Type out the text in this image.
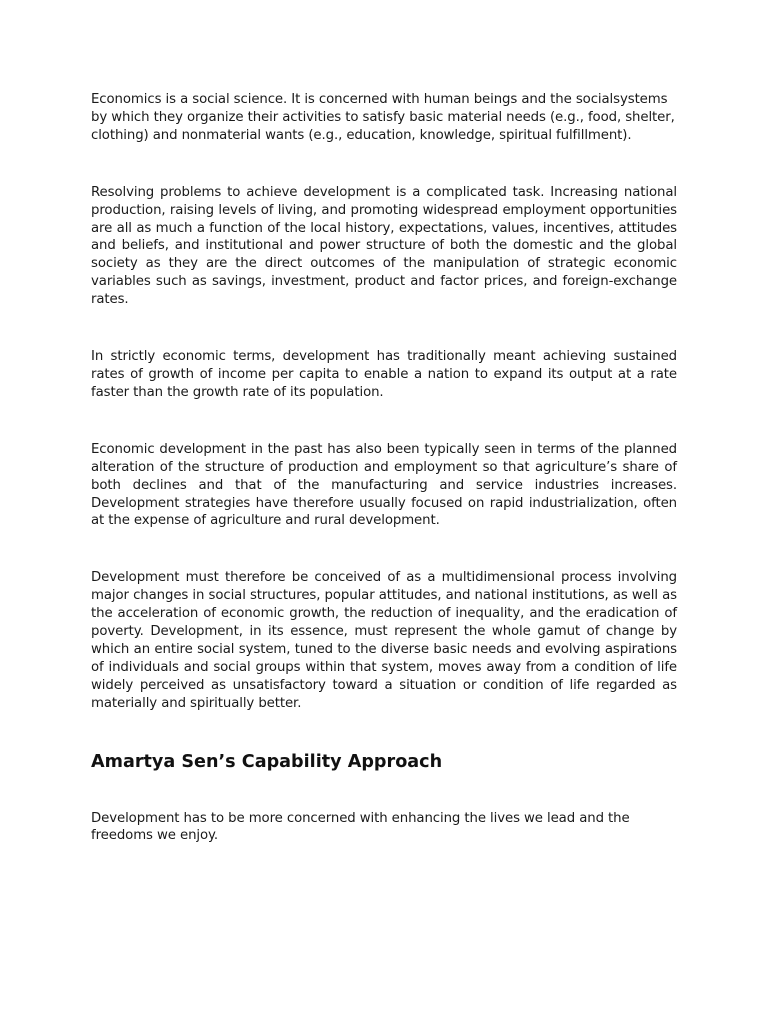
Economics is a social science. It is concerned with human beings and the socialsystems by which they organize their activities to satisfy basic material needs (e.g., food, shelter, clothing) and nonmaterial wants (e.g., education, knowledge, spiritual fulfillment).

Resolving problems to achieve development is a complicated task. Increasing national production, raising levels of living, and promoting widespread employment opportunities are all as much a function of the local history, expectations, values, incentives, attitudes and beliefs, and institutional and power structure of both the domestic and the global society as they are the direct outcomes of the manipulation of strategic economic variables such as savings, investment, product and factor prices, and foreign-exchange rates.

In strictly economic terms, development has traditionally meant achieving sustained rates of growth of income per capita to enable a nation to expand its output at a rate faster than the growth rate of its population.

Economic development in the past has also been typically seen in terms of the planned alteration of the structure of production and employment so that agriculture’s share of both declines and that of the manufacturing and service industries increases. Development strategies have therefore usually focused on rapid industrialization, often at the expense of agriculture and rural development.

Development must therefore be conceived of as a multidimensional process involving major changes in social structures, popular attitudes, and national institutions, as well as the acceleration of economic growth, the reduction of inequality, and the eradication of poverty. Development, in its essence, must represent the whole gamut of change by which an entire social system, tuned to the diverse basic needs and evolving aspirations of individuals and social groups within that system, moves away from a condition of life widely perceived as unsatisfactory toward a situation or condition of life regarded as materially and spiritually better.

Amartya Sen’s Capability Approach

Development has to be more concerned with enhancing the lives we lead and the freedoms we enjoy.
